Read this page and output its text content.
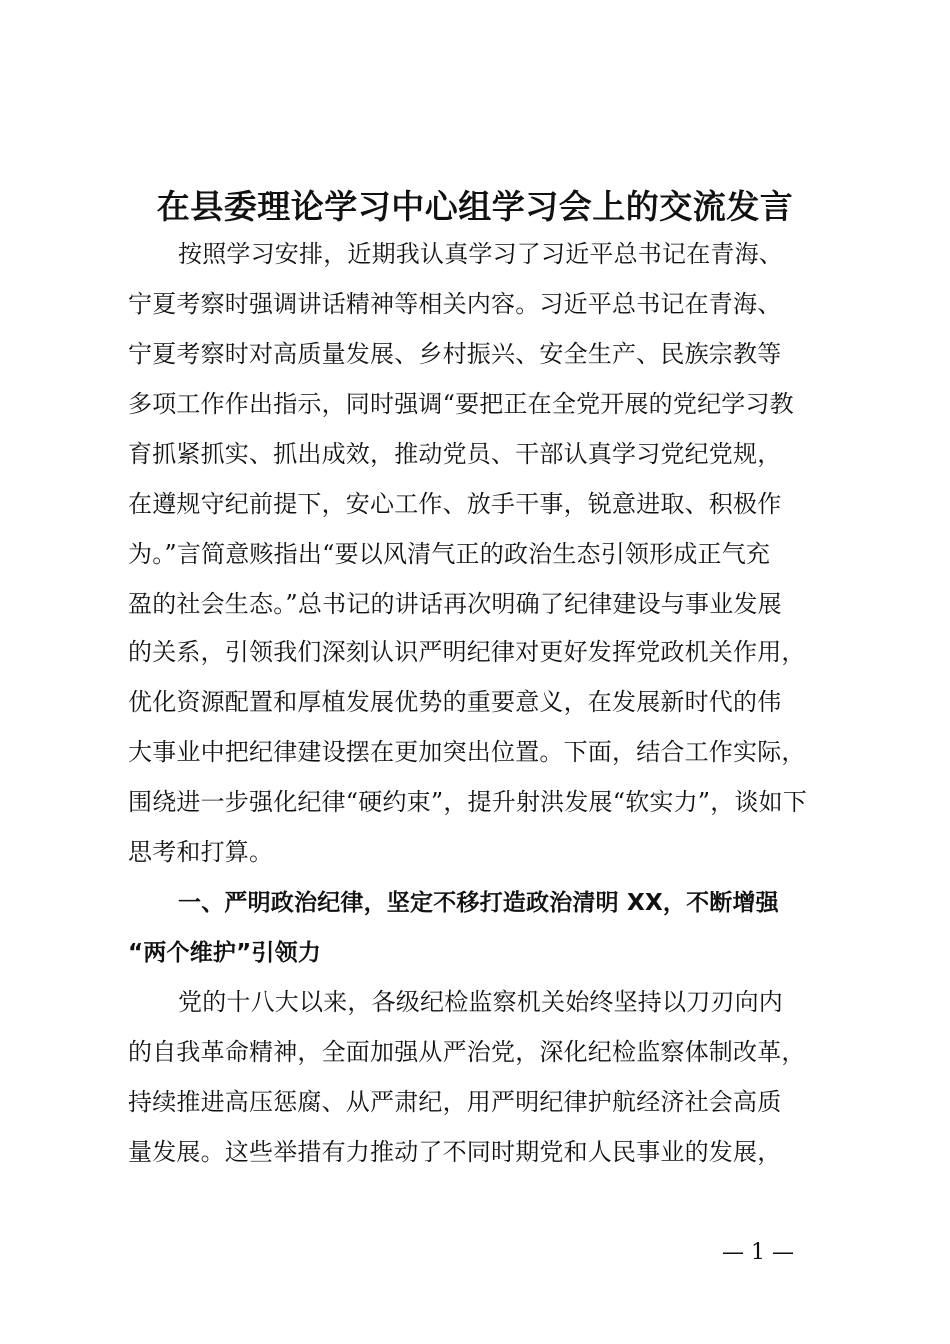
在县委理论学习中心组学习会上的交流发言
按照学习安排，近期我认真学习了习近平总书记在青海、
宁夏考察时强调讲话精神等相关内容。习近平总书记在青海、
宁夏考察时对高质量发展、乡村振兴、安全生产、民族宗教等
多项工作作出指示，同时强调“要把正在全党开展的党纪学习教
育抓紧抓实、抓出成效，推动党员、干部认真学习党纪党规，
在遵规守纪前提下，安心工作、放手干事，锐意进取、积极作
为。”言简意赅指出“要以风清气正的政治生态引领形成正气充
盈的社会生态。”总书记的讲话再次明确了纪律建设与事业发展
的关系，引领我们深刻认识严明纪律对更好发挥党政机关作用，
优化资源配置和厚植发展优势的重要意义，在发展新时代的伟
大事业中把纪律建设摆在更加突出位置。下面，结合工作实际，
围绕进一步强化纪律“硬约束”，提升射洪发展“软实力”，谈如下
思考和打算。
一、严明政治纪律，坚定不移打造政治清明 XX，不断增强
“两个维护”引领力
党的十八大以来，各级纪检监察机关始终坚持以刀刃向内
的自我革命精神，全面加强从严治党，深化纪检监察体制改革，
持续推进高压惩腐、从严肃纪，用严明纪律护航经济社会高质
量发展。这些举措有力推动了不同时期党和人民事业的发展，
— 1 —
